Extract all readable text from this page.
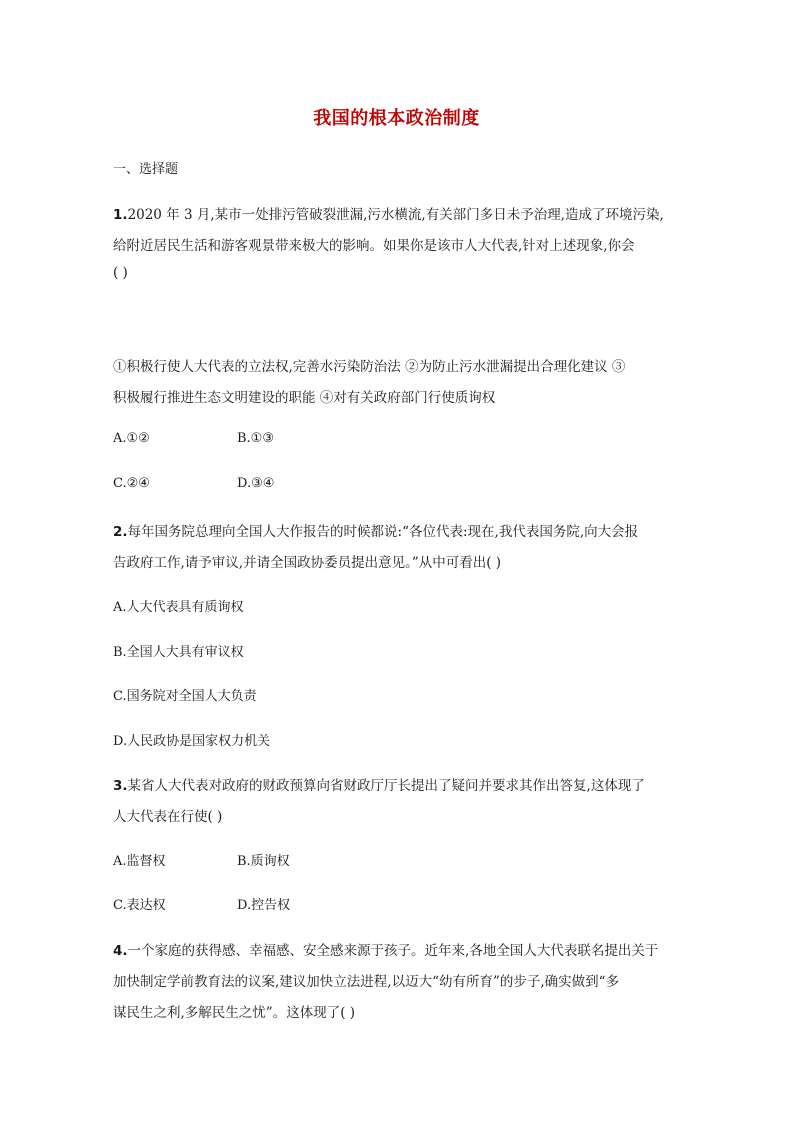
我国的根本政治制度
一、选择题
1.2020 年 3 月,某市一处排污管破裂泄漏,污水横流,有关部门多日未予治理,造成了环境污染,
给附近居民生活和游客观景带来极大的影响。如果你是该市人大代表,针对上述现象,你会
( )
①积极行使人大代表的立法权,完善水污染防治法 ②为防止污水泄漏提出合理化建议 ③
积极履行推进生态文明建设的职能 ④对有关政府部门行使质询权
A.①②	B.①③
C.②④	D.③④
2.每年国务院总理向全国人大作报告的时候都说:“各位代表:现在,我代表国务院,向大会报
告政府工作,请予审议,并请全国政协委员提出意见。”从中可看出( )
A.人大代表具有质询权
B.全国人大具有审议权
C.国务院对全国人大负责
D.人民政协是国家权力机关
3.某省人大代表对政府的财政预算向省财政厅厅长提出了疑问并要求其作出答复,这体现了
人大代表在行使( )
A.监督权	B.质询权
C.表达权	D.控告权
4.一个家庭的获得感、幸福感、安全感来源于孩子。近年来,各地全国人大代表联名提出关于
加快制定学前教育法的议案,建议加快立法进程,以迈大“幼有所育”的步子,确实做到“多
谋民生之利,多解民生之忧”。这体现了( )
